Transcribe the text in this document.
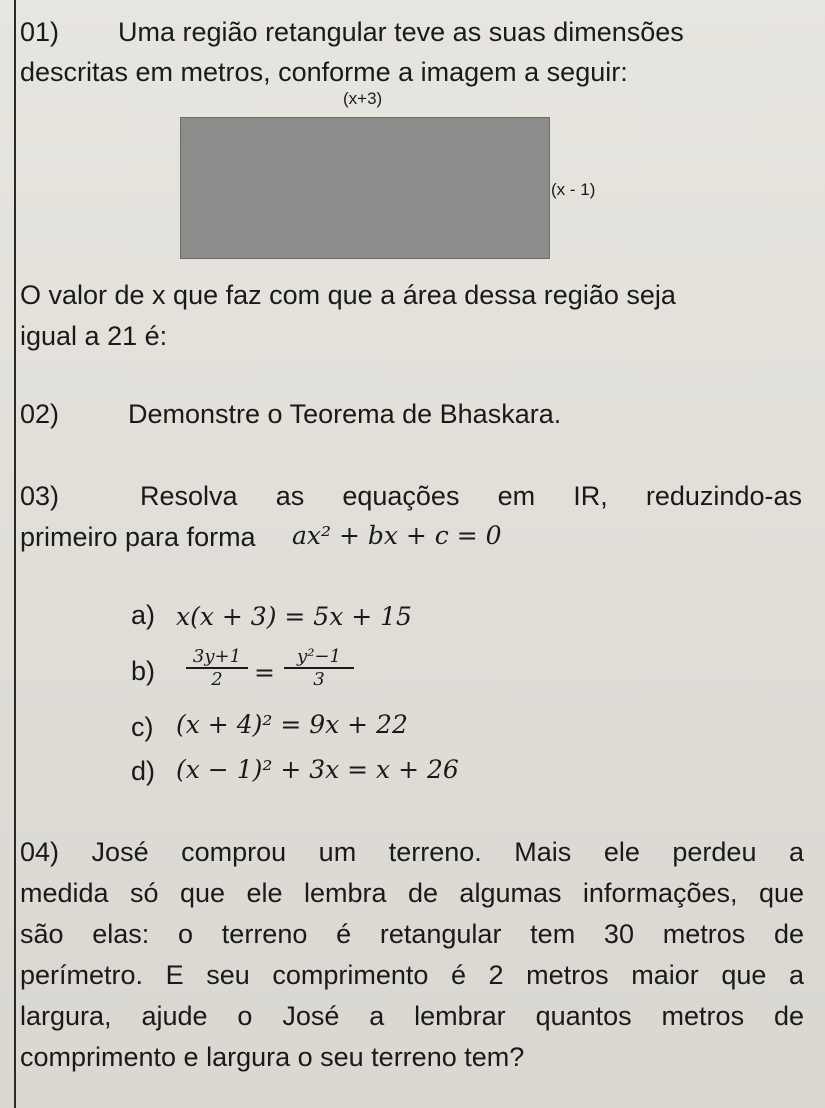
01) Uma região retangular teve as suas dimensões
descritas em metros, conforme a imagem a seguir:
(x+3)
(x - 1)
O valor de x que faz com que a área dessa região seja
igual a 21 é:
02)	Demonstre o Teorema de Bhaskara.
03)	Resolva as equações em IR, reduzindo-as
primeiro para forma ax² + bx + c = 0
a) x(x + 3) = 5x + 15
$b) \frac{3y+1}{2} = \frac{\text{y²−1}}{3}$
c) (x + 4)² = 9x + 22
d) (x − 1)² + 3x = x + 26
04) José comprou um terreno. Mais ele perdeu a
medida só que ele lembra de algumas informações, que
são elas: o terreno é retangular tem 30 metros de
perímetro. E seu comprimento é 2 metros maior que a
largura, ajude o José a lembrar quantos metros de
comprimento e largura o seu terreno tem?
